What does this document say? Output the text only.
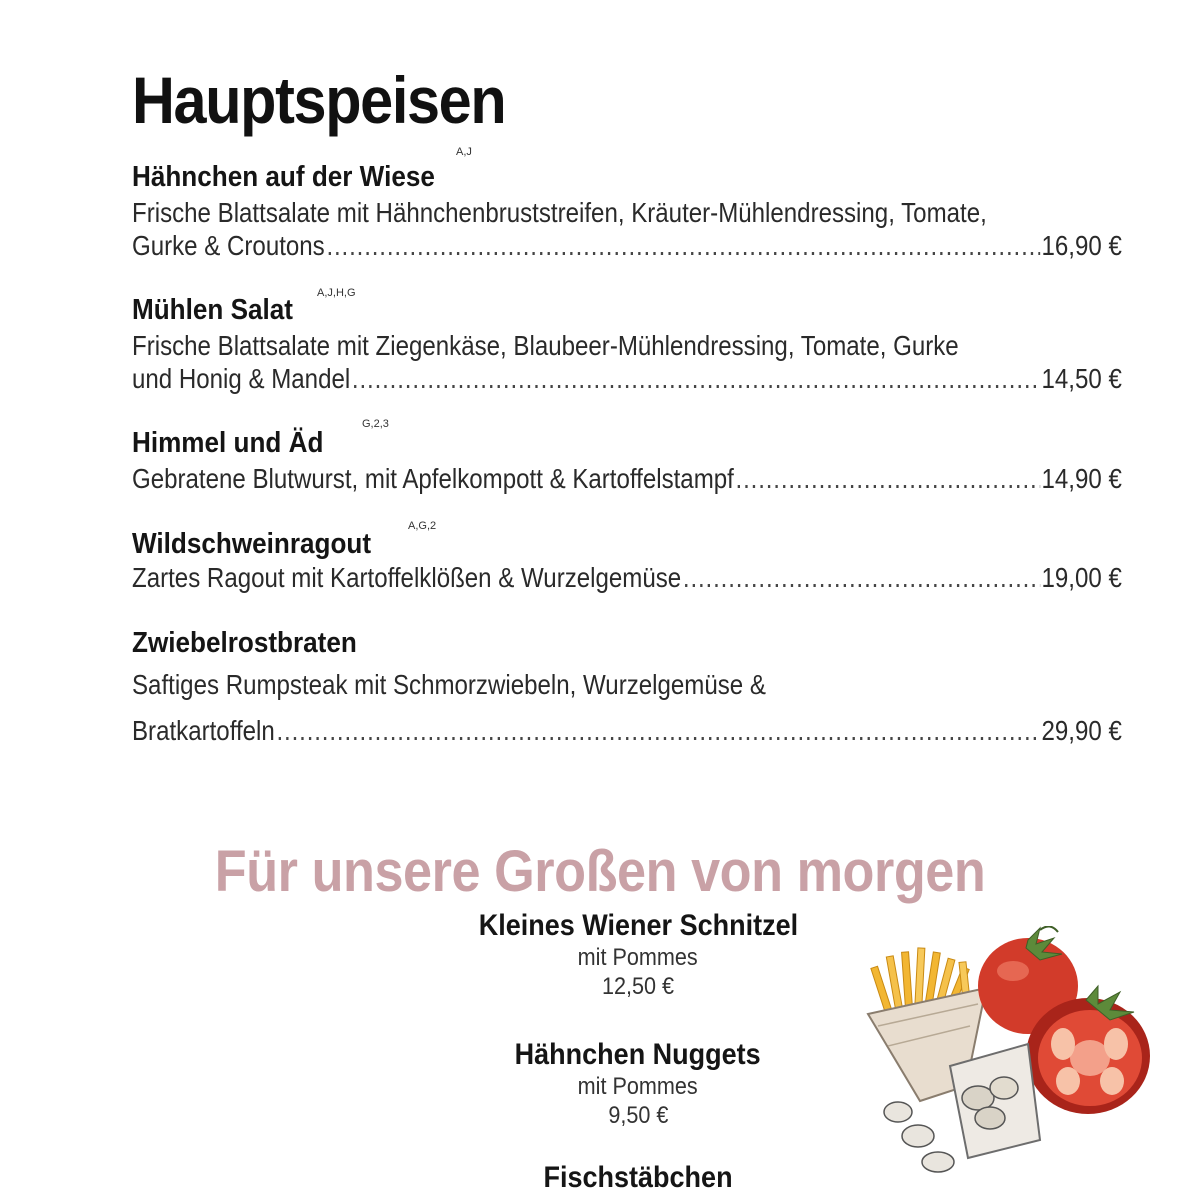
Hauptspeisen
Hähnchen auf der Wiese
A,J
Frische Blattsalate mit Hähnchenbruststreifen, Kräuter-Mühlendressing, Tomate,
Gurke & Croutons .....	16,90 €
Mühlen Salat
A,J,H,G
Frische Blattsalate mit Ziegenkäse, Blaubeer-Mühlendressing, Tomate, Gurke
und Honig & Mandel .....	14,50 €
Himmel und Äd
G,2,3
Gebratene Blutwurst, mit Apfelkompott & Kartoffelstampf .....	14,90 €
Wildschweinragout
A,G,2
Zartes Ragout mit Kartoffelklößen & Wurzelgemüse .....	19,00 €
Zwiebelrostbraten
Saftiges Rumpsteak mit Schmorzwiebeln, Wurzelgemüse &
Bratkartoffeln .....	29,90 €
Für unsere Großen von morgen
Kleines Wiener Schnitzel
mit Pommes
12,50 €
Hähnchen Nuggets
mit Pommes
9,50 €
Fischstäbchen
